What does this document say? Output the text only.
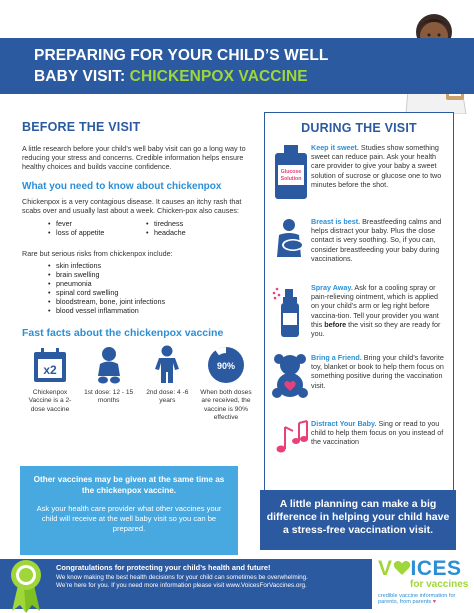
PREPARING FOR YOUR CHILD’S WELL
BABY VISIT: CHICKENPOX VACCINE
BEFORE THE VISIT
A little research before your child’s well baby visit can go a long way to reducing your stress and concerns. Credible information helps ensure healthy choices and builds vaccine confidence.
What you need to know about chickenpox
Chickenpox is a very contagious disease. It causes an itchy rash that scabs over and usually last about a week. Chicken-pox also causes:
• fever	• tiredness
• loss of appetite	• headache
Rare but serious risks from chickenpox include:
• skin infections
• brain swelling
• pneumonia
• spinal cord swelling
• bloodstream, bone, joint infections
• blood vessel inflammation
Fast facts about the chickenpox vaccine
x2
Chickenpox Vaccine is a 2-dose vaccine
1st dose: 12 - 15 months
2nd dose: 4 -6 years
90%
When both doses are received, the vaccine is 90% effective
DURING THE VISIT
Glucose
Solution
Keep it sweet. Studies show something sweet can reduce pain. Ask your health care provider to give your baby a sweet solution of sucrose or glucose one to two minutes before the shot.
Breast is best. Breastfeeding calms and helps distract your baby. Plus the close contact is very soothing. So, if you can, consider breastfeeding your baby during vaccinations.
Spray Away. Ask for a cooling spray or pain-relieving ointment, which is applied on your child’s arm or leg right before vaccina-tion. Tell your provider you want this before the visit so they are ready for you.
Bring a Friend. Bring your child’s favorite toy, blanket or book to help them focus on something positive during the vaccination visit.
Distract Your Baby. Sing or read to you child to help them focus on you instead of the vaccination
A little planning can make a big difference in helping your child have a stress-free vaccination visit.
Other vaccines may be given at the same time as the chickenpox vaccine.
Ask your health care provider what other vaccines your child will receive at the well baby visit so you can be prepared.
Congratulations for protecting your child’s health and future!
We know making the best health decisions for your child can sometimes be overwhelming.
We’re here for you. If you need more information please visit www.VoicesForVaccines.org.
V ICES
for vaccines
credible vaccine information for parents, from parents ♥
